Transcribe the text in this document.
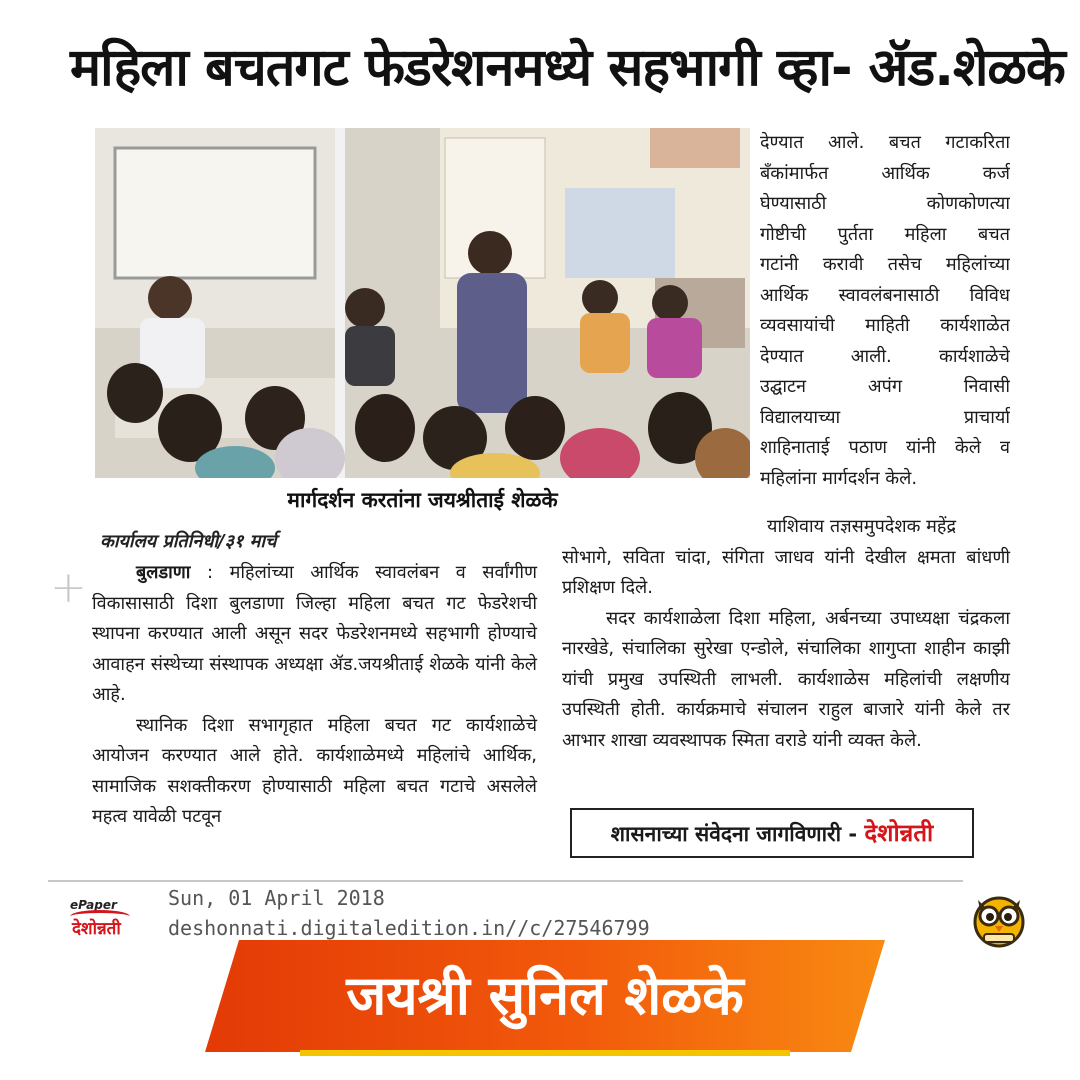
महिला बचतगट फेडरेशनमध्ये सहभागी व्हा- ॲड.शेळके
मार्गदर्शन करतांना जयश्रीताई शेळके
देण्यात आले. बचत गटाकरिता
बँकांमार्फत आर्थिक कर्ज
घेण्यासाठी कोणकोणत्या
गोष्टीची पुर्तता महिला बचत
गटांनी करावी तसेच महिलांच्या
आर्थिक स्वावलंबनासाठी विविध
व्यवसायांची माहिती कार्यशाळेत
देण्यात आली. कार्यशाळेचे
उद्घाटन अपंग निवासी
विद्यालयाच्या प्राचार्या
शाहिनाताई पठाण यांनी केले व
महिलांना मार्गदर्शन केले.
कार्यालय प्रतिनिधी/३१ मार्च
+	बुलडाणा : महिलांच्या आर्थिक स्वावलंबन व सर्वांगीण विकासासाठी दिशा बुलडाणा जिल्हा महिला बचत गट फेडरेशची स्थापना करण्यात आली असून सदर फेडरेशनमध्ये सहभागी होण्याचे आवाहन संस्थेच्या संस्थापक अध्यक्षा ॲड.जयश्रीताई शेळके यांनी केले आहे.

स्थानिक दिशा सभागृहात महिला बचत गट कार्यशाळेचे आयोजन करण्यात आले होते. कार्यशाळेमध्ये महिलांचे आर्थिक, सामाजिक सशक्तीकरण होण्यासाठी महिला बचत गटाचे असलेले महत्व यावेळी पटवून

याशिवाय तज्ञसमुपदेशक महेंद्र

सोभागे, सविता चांदा, संगिता जाधव यांनी देखील क्षमता बांधणी प्रशिक्षण दिले.

सदर कार्यशाळेला दिशा महिला, अर्बनच्या उपाध्यक्षा चंद्रकला नारखेडे, संचालिका सुरेखा एन्डोले, संचालिका शागुप्ता शाहीन काझी यांची प्रमुख उपस्थिती लाभली. कार्यशाळेस महिलांची लक्षणीय उपस्थिती होती. कार्यक्रमाचे संचालन राहुल बाजारे यांनी केले तर आभार शाखा व्यवस्थापक स्मिता वराडे यांनी व्यक्त केले.

शासनाच्या संवेदना जागविणारी - देशोन्नती
ePaper
देशोन्नती
Sun, 01 April 2018
deshonnati.digitaledition.in//c/27546799
जयश्री सुनिल शेळके
